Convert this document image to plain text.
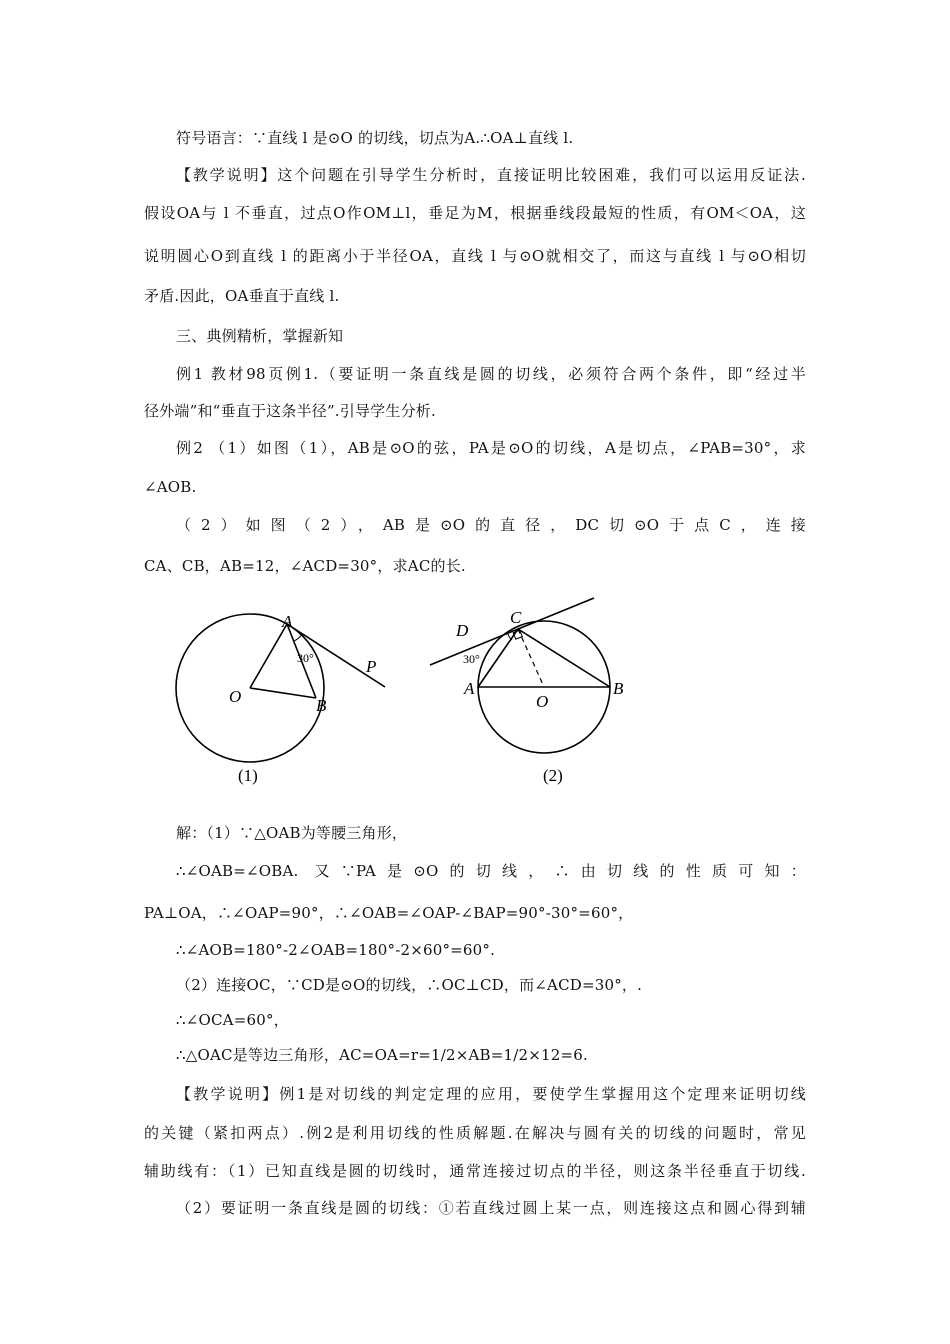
符号语言：∵直线 l 是⊙O 的切线，切点为A.∴OA⊥直线 l.
【教学说明】这个问题在引导学生分析时，直接证明比较困难，我们可以运用反证法.
假设OA与 l 不垂直，过点O作OM⊥l，垂足为M，根据垂线段最短的性质，有OM＜OA，这
说明圆心O到直线 l 的距离小于半径OA，直线 l 与⊙O就相交了，而这与直线 l 与⊙O相切
矛盾.因此，OA垂直于直线 l.
三、典例精析，掌握新知
例1 教材98页例1.（要证明一条直线是圆的切线，必须符合两个条件，即“经过半
径外端”和“垂直于这条半径”.引导学生分析.
例2 （1）如图（1），AB是⊙O的弦，PA是⊙O的切线，A是切点，∠PAB=30°，求
∠AOB.
（2）如图（2），AB是⊙O的直径，DC切⊙O于点C，连接
CA、CB，AB=12，∠ACD=30°，求AC的长.
A
O	B
P
30°
(1)
C
D
A
O
B
30°
(2)
解：（1）∵△OAB为等腰三角形，
∴∠OAB=∠OBA. 又∵PA是⊙O的切线，∴由切线的性质可知：
PA⊥OA，∴∠OAP=90°，∴∠OAB=∠OAP-∠BAP=90°-30°=60°，
∴∠AOB=180°-2∠OAB=180°-2×60°=60°.
（2）连接OC，∵CD是⊙O的切线，∴OC⊥CD，而∠ACD=30°，.
∴∠OCA=60°，
∴△OAC是等边三角形，AC=OA=r=1/2×AB=1/2×12=6.
【教学说明】例1是对切线的判定定理的应用，要使学生掌握用这个定理来证明切线
的关键（紧扣两点）.例2是利用切线的性质解题.在解决与圆有关的切线的问题时，常见
辅助线有：（1）已知直线是圆的切线时，通常连接过切点的半径，则这条半径垂直于切线.
（2）要证明一条直线是圆的切线：①若直线过圆上某一点，则连接这点和圆心得到辅
